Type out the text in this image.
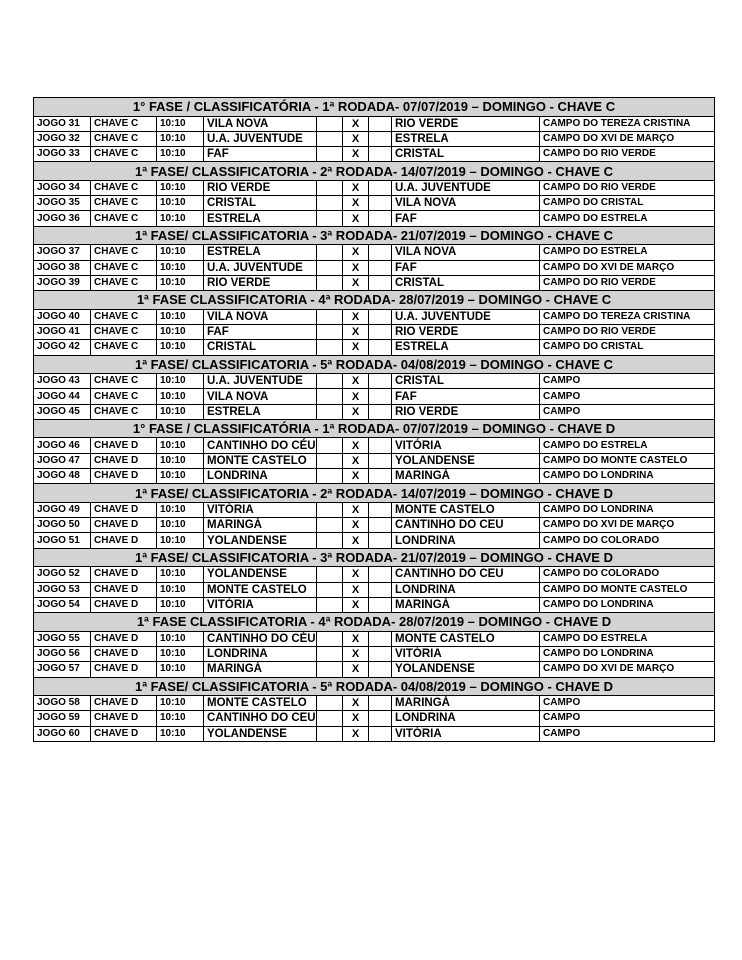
1° FASE / CLASSIFICATÓRIA - 1ª RODADA- 07/07/2019 – DOMINGO - CHAVE C								
JOGO 31	CHAVE C	10:10	VILA NOVA		X		RIO VERDE	CAMPO DO TEREZA CRISTINA
JOGO 32	CHAVE C	10:10	U.A. JUVENTUDE		X		ESTRELA	CAMPO DO XVI DE MARÇO
JOGO 33	CHAVE C	10:10	FAF		X		CRISTAL	CAMPO DO RIO VERDE
1ª FASE/ CLASSIFICATORIA - 2ª RODADA- 14/07/2019 – DOMINGO - CHAVE C								
JOGO 34	CHAVE C	10:10	RIO VERDE		X		U.A. JUVENTUDE	CAMPO DO RIO VERDE
JOGO 35	CHAVE C	10:10	CRISTAL		X		VILA NOVA	CAMPO DO CRISTAL
JOGO 36	CHAVE C	10:10	ESTRELA		X		FAF	CAMPO DO ESTRELA
1ª FASE/ CLASSIFICATORIA - 3ª RODADA- 21/07/2019 – DOMINGO - CHAVE C								
JOGO 37	CHAVE C	10:10	ESTRELA		X		VILA NOVA	CAMPO DO ESTRELA
JOGO 38	CHAVE C	10:10	U.A. JUVENTUDE		X		FAF	CAMPO DO XVI DE MARÇO
JOGO 39	CHAVE C	10:10	RIO VERDE		X		CRISTAL	CAMPO DO RIO VERDE
1ª FASE CLASSIFICATORIA - 4ª RODADA- 28/07/2019 – DOMINGO - CHAVE C								
JOGO 40	CHAVE C	10:10	VILA NOVA		X		U.A. JUVENTUDE	CAMPO DO TEREZA CRISTINA
JOGO 41	CHAVE C	10:10	FAF		X		RIO VERDE	CAMPO DO RIO VERDE
JOGO 42	CHAVE C	10:10	CRISTAL		X		ESTRELA	CAMPO DO CRISTAL
1ª FASE/ CLASSIFICATORIA - 5ª RODADA- 04/08/2019 – DOMINGO - CHAVE C								
JOGO 43	CHAVE C	10:10	U.A. JUVENTUDE		X		CRISTAL	CAMPO
JOGO 44	CHAVE C	10:10	VILA NOVA		X		FAF	CAMPO
JOGO 45	CHAVE C	10:10	ESTRELA		X		RIO VERDE	CAMPO
1° FASE / CLASSIFICATÓRIA - 1ª RODADA- 07/07/2019 – DOMINGO - CHAVE D								
JOGO 46	CHAVE D	10:10	CANTINHO DO CÉU		X		VITÓRIA	CAMPO DO ESTRELA
JOGO 47	CHAVE D	10:10	MONTE CASTELO		X		YOLANDENSE	CAMPO DO MONTE CASTELO
JOGO 48	CHAVE D	10:10	LONDRINA		X		MARINGÁ	CAMPO DO LONDRINA
1ª FASE/ CLASSIFICATORIA - 2ª RODADA- 14/07/2019 – DOMINGO - CHAVE D								
JOGO 49	CHAVE D	10:10	VITÓRIA		X		MONTE CASTELO	CAMPO DO LONDRINA
JOGO 50	CHAVE D	10:10	MARINGÁ		X		CANTINHO DO CEU	CAMPO DO XVI DE MARÇO
JOGO 51	CHAVE D	10:10	YOLANDENSE		X		LONDRINA	CAMPO DO COLORADO
1ª FASE/ CLASSIFICATORIA - 3ª RODADA- 21/07/2019 – DOMINGO - CHAVE D								
JOGO 52	CHAVE D	10:10	YOLANDENSE		X		CANTINHO DO CEU	CAMPO DO COLORADO
JOGO 53	CHAVE D	10:10	MONTE CASTELO		X		LONDRINA	CAMPO DO MONTE CASTELO
JOGO 54	CHAVE D	10:10	VITÓRIA		X		MARINGÁ	CAMPO DO LONDRINA
1ª FASE CLASSIFICATORIA - 4ª RODADA- 28/07/2019 – DOMINGO - CHAVE D								
JOGO 55	CHAVE D	10:10	CANTINHO DO CÉU		X		MONTE CASTELO	CAMPO DO ESTRELA
JOGO 56	CHAVE D	10:10	LONDRINA		X		VITÓRIA	CAMPO DO LONDRINA
JOGO 57	CHAVE D	10:10	MARINGÁ		X		YOLANDENSE	CAMPO DO XVI DE MARÇO
1ª FASE/ CLASSIFICATORIA - 5ª RODADA- 04/08/2019 – DOMINGO - CHAVE D								
JOGO 58	CHAVE D	10:10	MONTE CASTELO		X		MARINGÁ	CAMPO
JOGO 59	CHAVE D	10:10	CANTINHO DO CEU		X		LONDRINA	CAMPO
JOGO 60	CHAVE D	10:10	YOLANDENSE		X		VITÓRIA	CAMPO
